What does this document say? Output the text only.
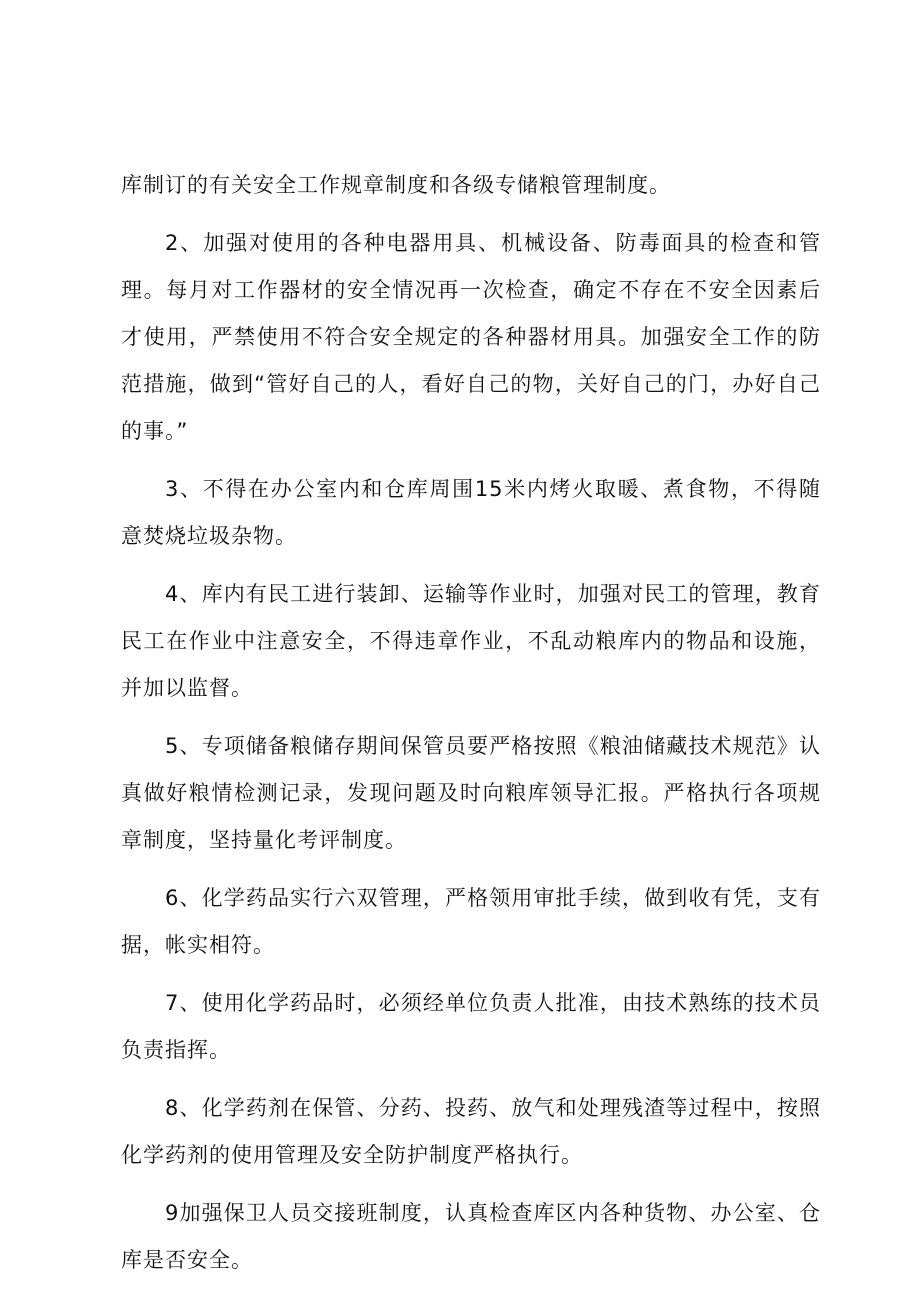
库制订的有关安全工作规章制度和各级专储粮管理制度。

2、加强对使用的各种电器用具、机械设备、防毒面具的检查和管理。每月对工作器材的安全情况再一次检查，确定不存在不安全因素后才使用，严禁使用不符合安全规定的各种器材用具。加强安全工作的防范措施，做到“管好自己的人，看好自己的物，关好自己的门，办好自己的事。”

3、不得在办公室内和仓库周围15米内烤火取暖、煮食物，不得随意焚烧垃圾杂物。

4、库内有民工进行装卸、运输等作业时，加强对民工的管理，教育民工在作业中注意安全，不得违章作业，不乱动粮库内的物品和设施，并加以监督。

5、专项储备粮储存期间保管员要严格按照《粮油储藏技术规范》认真做好粮情检测记录，发现问题及时向粮库领导汇报。严格执行各项规章制度，坚持量化考评制度。

6、化学药品实行六双管理，严格领用审批手续，做到收有凭，支有据，帐实相符。

7、使用化学药品时，必须经单位负责人批准，由技术熟练的技术员负责指挥。

8、化学药剂在保管、分药、投药、放气和处理残渣等过程中，按照化学药剂的使用管理及安全防护制度严格执行。

9加强保卫人员交接班制度，认真检查库区内各种货物、办公室、仓库是否安全。
